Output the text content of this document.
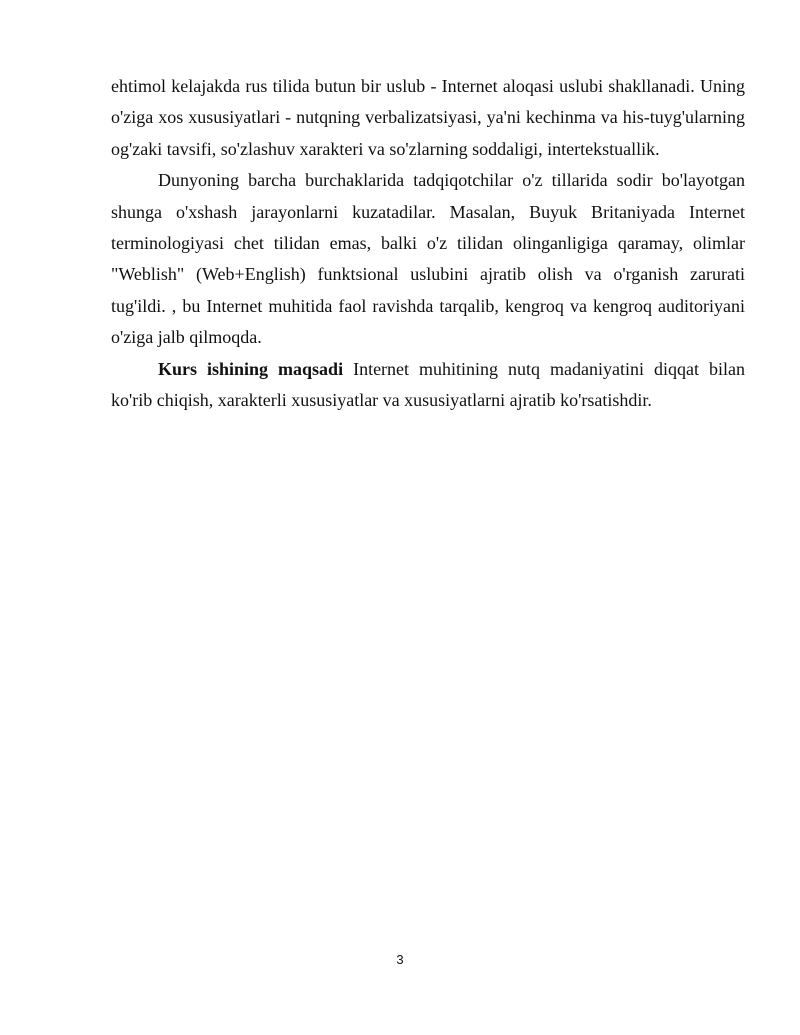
ehtimol kelajakda rus tilida butun bir uslub - Internet aloqasi uslubi shakllanadi. Uning o'ziga xos xususiyatlari - nutqning verbalizatsiyasi, ya'ni kechinma va his-tuyg'ularning og'zaki tavsifi, so'zlashuv xarakteri va so'zlarning soddaligi, intertekstuallik.

Dunyoning barcha burchaklarida tadqiqotchilar o'z tillarida sodir bo'layotgan shunga o'xshash jarayonlarni kuzatadilar. Masalan, Buyuk Britaniyada Internet terminologiyasi chet tilidan emas, balki o'z tilidan olinganligiga qaramay, olimlar "Weblish" (Web+English) funktsional uslubini ajratib olish va o'rganish zarurati tug'ildi. , bu Internet muhitida faol ravishda tarqalib, kengroq va kengroq auditoriyani o'ziga jalb qilmoqda.

Kurs ishining maqsadi Internet muhitining nutq madaniyatini diqqat bilan ko'rib chiqish, xarakterli xususiyatlar va xususiyatlarni ajratib ko'rsatishdir.

3
